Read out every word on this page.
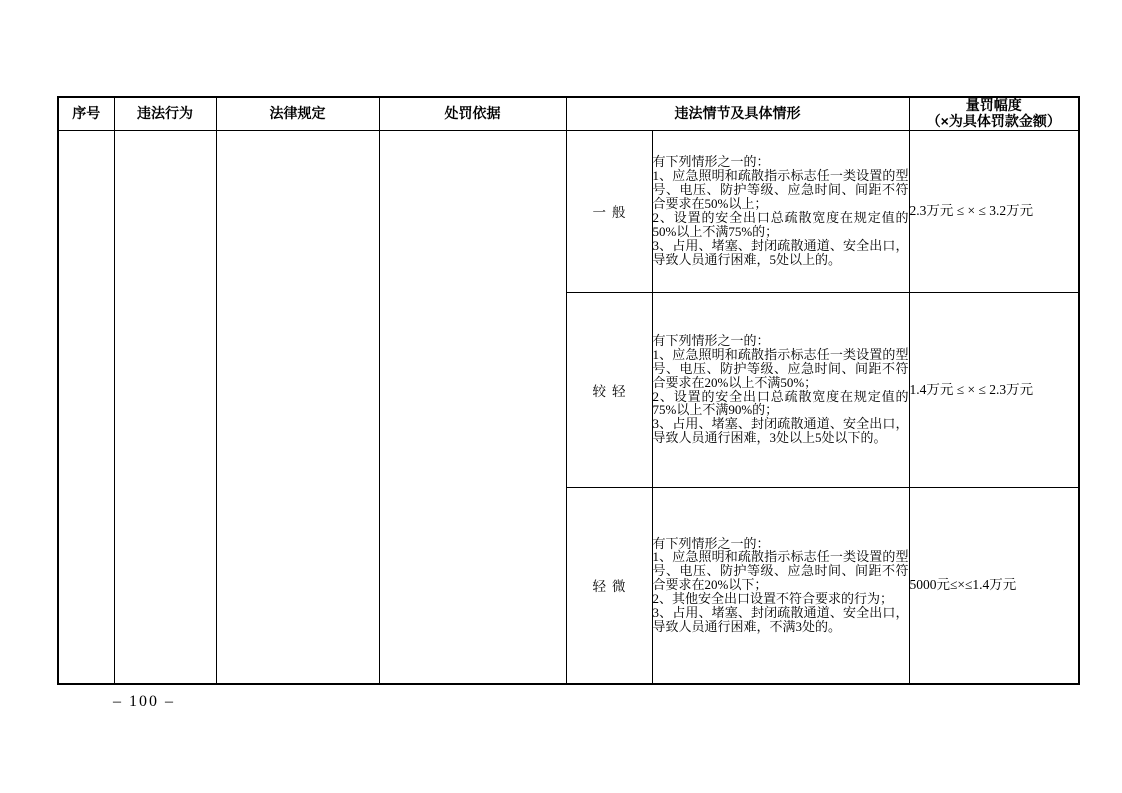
序号	违法行为	法律规定	处罚依据	违法情节及具体情形		量罚幅度
（×为具体罚款金额）

				一般	有下列情形之一的：
1、应急照明和疏散指示标志任一类设置的型号、电压、防护等级、应急时间、间距不符合要求在50%以上；
2、设置的安全出口总疏散宽度在规定值的50%以上不满75%的；
3、占用、堵塞、封闭疏散通道、安全出口，导致人员通行困难，5处以上的。	2.3万元 ≤ × ≤ 3.2万元
				较轻	有下列情形之一的：
1、应急照明和疏散指示标志任一类设置的型号、电压、防护等级、应急时间、间距不符合要求在20%以上不满50%；
2、设置的安全出口总疏散宽度在规定值的75%以上不满90%的；
3、占用、堵塞、封闭疏散通道、安全出口，导致人员通行困难，3处以上5处以下的。	1.4万元 ≤ × ≤ 2.3万元
				轻微	有下列情形之一的：
1、应急照明和疏散指示标志任一类设置的型号、电压、防护等级、应急时间、间距不符合要求在20%以下；
2、其他安全出口设置不符合要求的行为；
3、占用、堵塞、封闭疏散通道、安全出口，导致人员通行困难，不满3处的。	5000元≤×≤1.4万元
– 100 –
